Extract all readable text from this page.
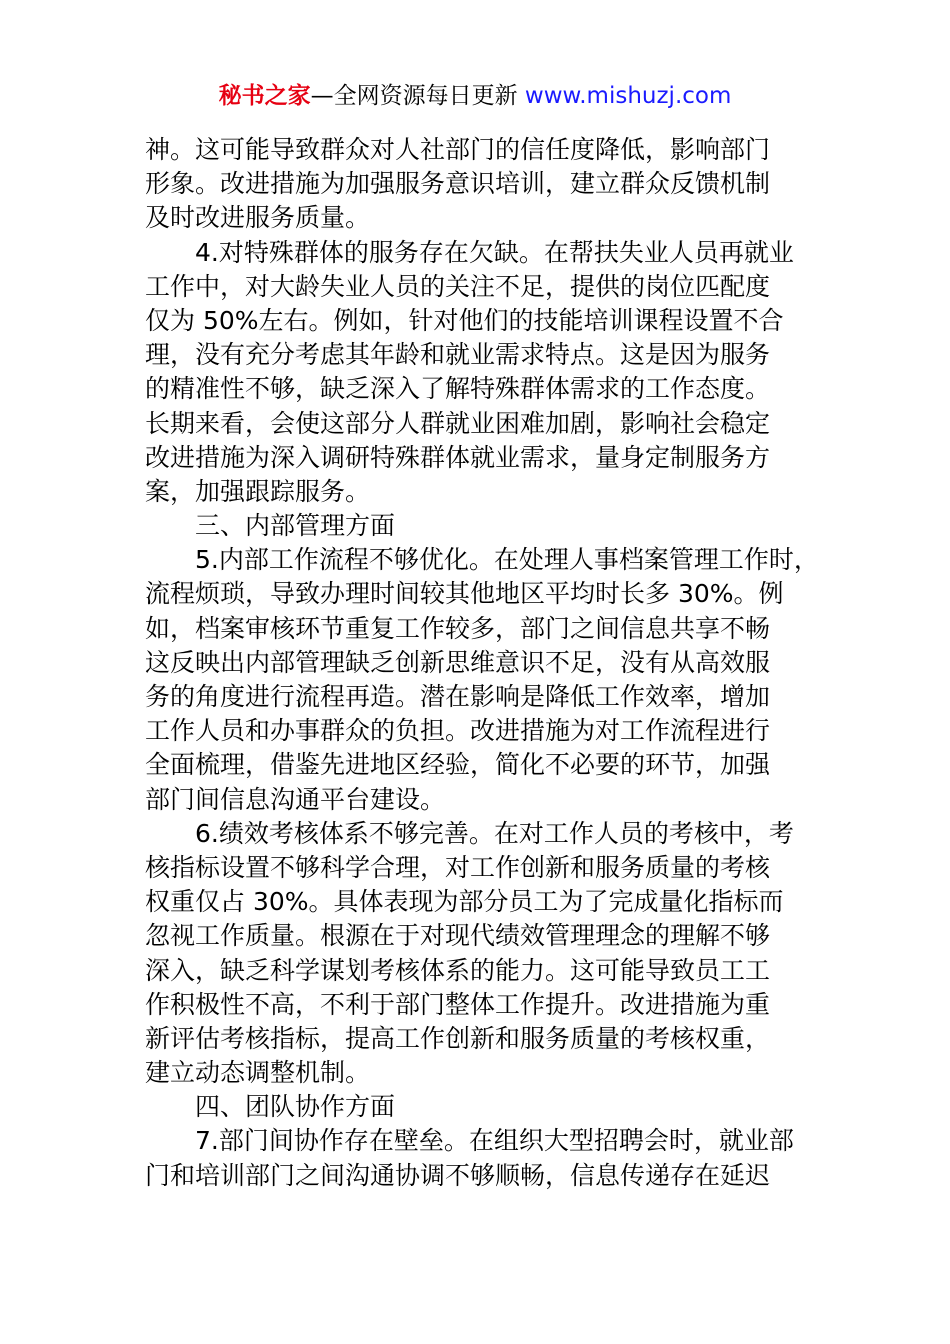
秘书之家—全网资源每日更新 www.mishuzj.com
神。这可能导致群众对人社部门的信任度降低，影响部门
形象。改进措施为加强服务意识培训，建立群众反馈机制
及时改进服务质量。
4.对特殊群体的服务存在欠缺。在帮扶失业人员再就业
工作中，对大龄失业人员的关注不足，提供的岗位匹配度
仅为 50%左右。例如，针对他们的技能培训课程设置不合
理，没有充分考虑其年龄和就业需求特点。这是因为服务
的精准性不够，缺乏深入了解特殊群体需求的工作态度。
长期来看，会使这部分人群就业困难加剧，影响社会稳定
改进措施为深入调研特殊群体就业需求，量身定制服务方
案，加强跟踪服务。
三、内部管理方面
5.内部工作流程不够优化。在处理人事档案管理工作时，
流程烦琐，导致办理时间较其他地区平均时长多 30%。例
如，档案审核环节重复工作较多，部门之间信息共享不畅
这反映出内部管理缺乏创新思维意识不足，没有从高效服
务的角度进行流程再造。潜在影响是降低工作效率，增加
工作人员和办事群众的负担。改进措施为对工作流程进行
全面梳理，借鉴先进地区经验，简化不必要的环节，加强
部门间信息沟通平台建设。
6.绩效考核体系不够完善。在对工作人员的考核中，考
核指标设置不够科学合理，对工作创新和服务质量的考核
权重仅占 30%。具体表现为部分员工为了完成量化指标而
忽视工作质量。根源在于对现代绩效管理理念的理解不够
深入，缺乏科学谋划考核体系的能力。这可能导致员工工
作积极性不高，不利于部门整体工作提升。改进措施为重
新评估考核指标，提高工作创新和服务质量的考核权重，
建立动态调整机制。
四、团队协作方面
7.部门间协作存在壁垒。在组织大型招聘会时，就业部
门和培训部门之间沟通协调不够顺畅，信息传递存在延迟
